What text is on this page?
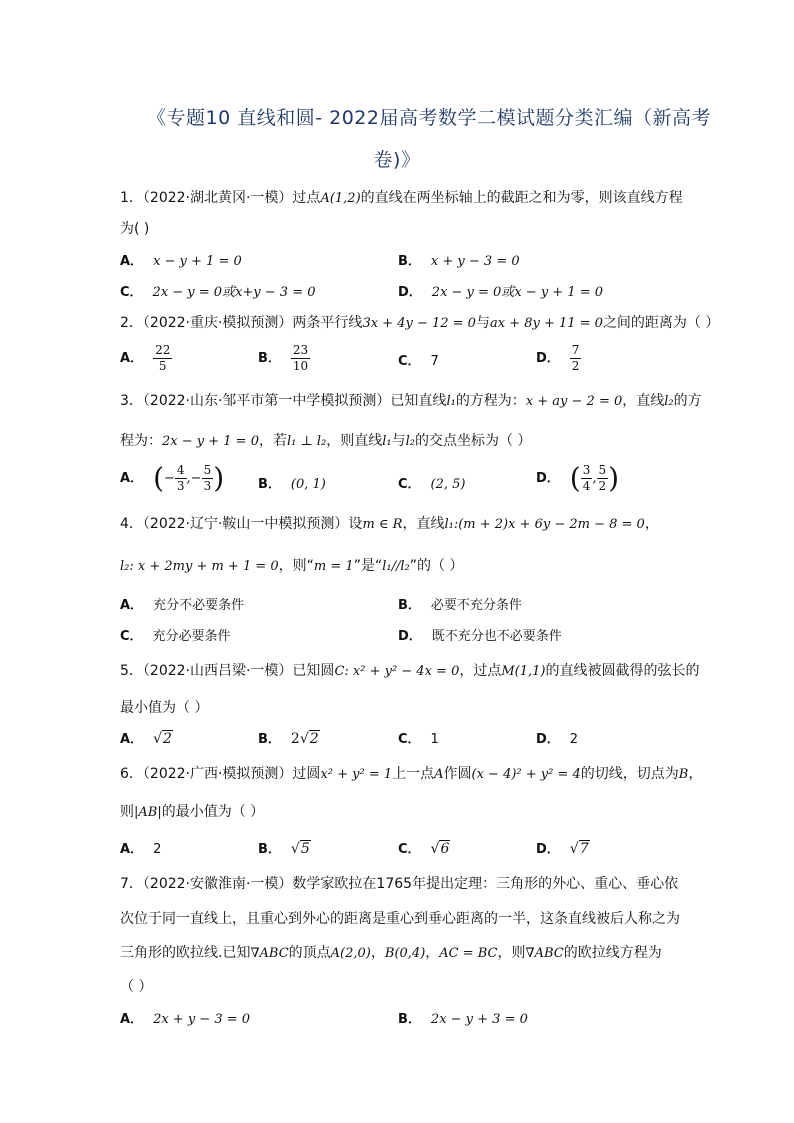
《专题10 直线和圆- 2022届高考数学二模试题分类汇编（新高考
卷)》
1．（2022·湖北黄冈·一模）过点A(1,2)的直线在两坐标轴上的截距之和为零，则该直线方程
为( )
A． x − y + 1 = 0	B． x + y − 3 = 0
C． 2x − y = 0或x+y − 3 = 0	D． 2x − y = 0或x − y + 1 = 0
2．（2022·重庆·模拟预测）两条平行线3x + 4y − 12 = 0与ax + 8y + 11 = 0之间的距离为（ ）
A． $\frac{22}{5}$	B． $\frac{23}{10}$	C． 7	D． $\frac{7}{2}$
3．（2022·山东·邹平市第一中学模拟预测）已知直线l₁的方程为：x + ay − 2 = 0，直线l₂的方
程为：2x − y + 1 = 0，若l₁ ⊥ l₂，则直线l₁与l₂的交点坐标为（ ）
A． (− $\frac{4}{3}$ ,− $\frac{5}{3}$ )	B． (0, 1)	C． (2, 5)	D． ( $\frac{3}{4}$ , $\frac{5}{2}$ )
4．（2022·辽宁·鞍山一中模拟预测）设m ∈ R，直线l₁:(m + 2)x + 6y − 2m − 8 = 0，
l₂: x + 2my + m + 1 = 0，则“m = 1”是“l₁//l₂”的（ ）
A． 充分不必要条件	B． 必要不充分条件
C． 充分必要条件	D． 既不充分也不必要条件
5．（2022·山西吕梁·一模）已知圆C: x² + y² − 4x = 0，过点M(1,1)的直线被圆截得的弦长的
最小值为（ ）
A． √2	B． 2√2	C． 1	D． 2
6．（2022·广西·模拟预测）过圆x² + y² = 1上一点A作圆(x − 4)² + y² = 4的切线，切点为B，
则|AB|的最小值为（ ）
A． 2	B． √5	C． √6	D． √7
7．（2022·安徽淮南·一模）数学家欧拉在1765年提出定理：三角形的外心、重心、垂心依
次位于同一直线上，且重心到外心的距离是重心到垂心距离的一半，这条直线被后人称之为
三角形的欧拉线.已知∇ABC的顶点A(2,0)，B(0,4)，AC = BC，则∇ABC的欧拉线方程为
（ ）
A． 2x + y − 3 = 0	B． 2x − y + 3 = 0
